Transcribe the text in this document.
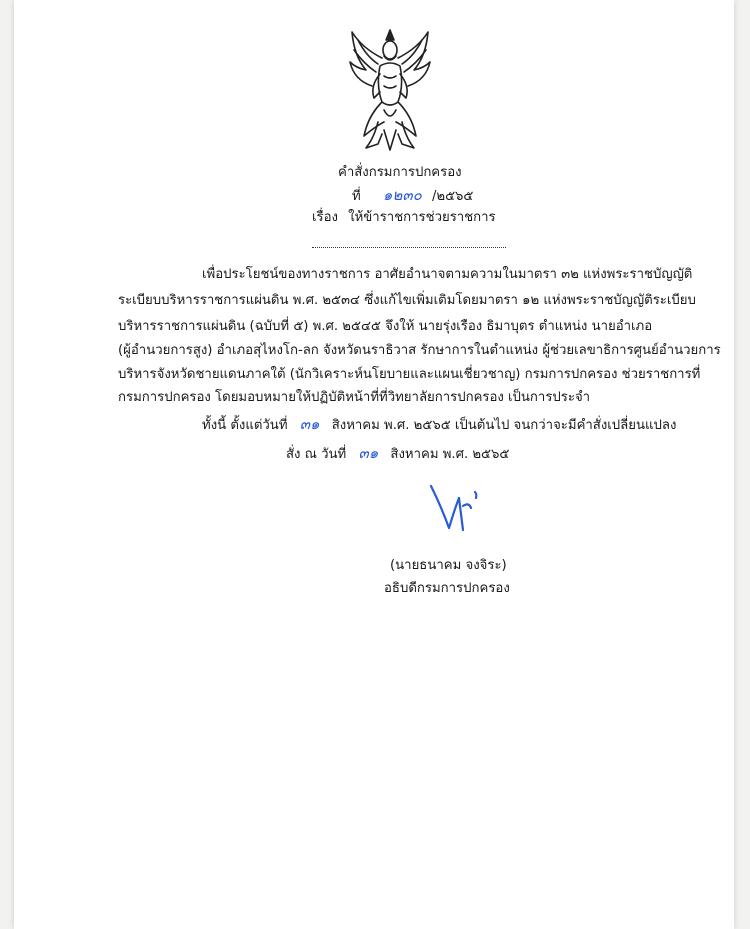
คำสั่งกรมการปกครอง
ที่ ๑๒๓๐ /๒๕๖๕
เรื่อง ให้ข้าราชการช่วยราชการ
เพื่อประโยชน์ของทางราชการ อาศัยอำนาจตามความในมาตรา ๓๒ แห่งพระราชบัญญัติ
ระเบียบบริหารราชการแผ่นดิน พ.ศ. ๒๕๓๔ ซึ่งแก้ไขเพิ่มเติมโดยมาตรา ๑๒ แห่งพระราชบัญญัติระเบียบ
บริหารราชการแผ่นดิน (ฉบับที่ ๕) พ.ศ. ๒๕๔๕ จึงให้ นายรุ่งเรือง ธิมาบุตร ตำแหน่ง นายอำเภอ
(ผู้อำนวยการสูง) อำเภอสุไหงโก-ลก จังหวัดนราธิวาส รักษาการในตำแหน่ง ผู้ช่วยเลขาธิการศูนย์อำนวยการ
บริหารจังหวัดชายแดนภาคใต้ (นักวิเคราะห์นโยบายและแผนเชี่ยวชาญ) กรมการปกครอง ช่วยราชการที่
กรมการปกครอง โดยมอบหมายให้ปฏิบัติหน้าที่ที่วิทยาลัยการปกครอง เป็นการประจำ
ทั้งนี้ ตั้งแต่วันที่ ๓๑ สิงหาคม พ.ศ. ๒๕๖๕ เป็นต้นไป จนกว่าจะมีคำสั่งเปลี่ยนแปลง
สั่ง ณ วันที่ ๓๑ สิงหาคม พ.ศ. ๒๕๖๕
(นายธนาคม จงจิระ)
อธิบดีกรมการปกครอง
